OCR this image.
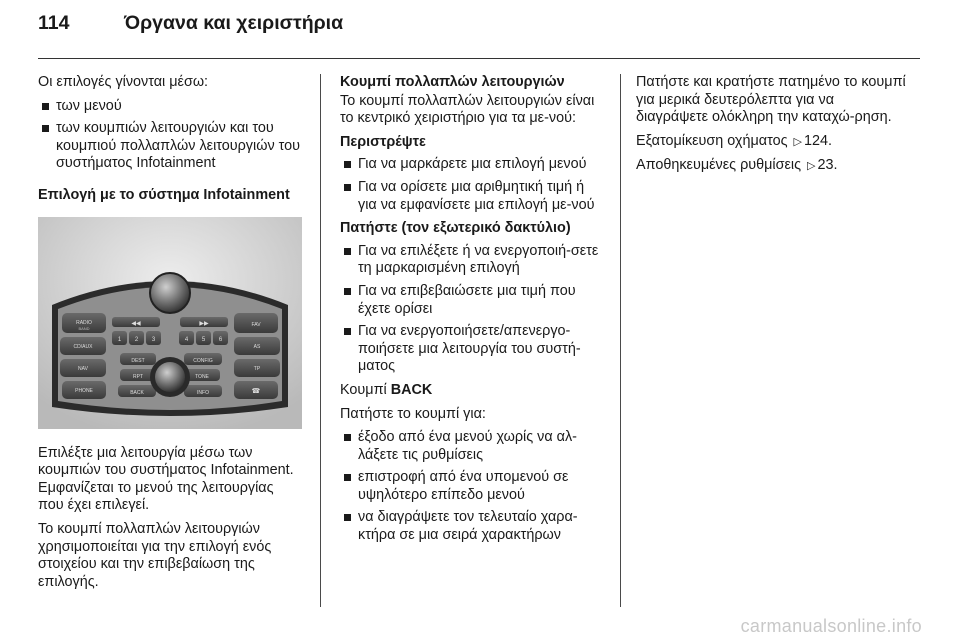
114	Όργανα και χειριστήρια

Οι επιλογές γίνονται μέσω:

των μενού
των κουμπιών λειτουργιών και του κουμπιού πολλαπλών λειτουργιών του συστήματος Infotainment

Επιλογή με το σύστημα Infotainment

RADIO
BAND
CD/AUX
NAV
PHONE
FAV
AS
TP
☎
◀◀	▶▶
1 2 3	4 5 6
DEST
RPT
BACK
CONFIG
TONE
INFO

Επιλέξτε μια λειτουργία μέσω των κουμπιών του συστήματος Infotainment. Εμφανίζεται το μενού της λειτουργίας που έχει επιλεγεί.

Το κουμπί πολλαπλών λειτουργιών χρησιμοποιείται για την επιλογή ενός στοιχείου και την επιβεβαίωση της επιλογής.

Κουμπί πολλαπλών λειτουργιών

Το κουμπί πολλαπλών λειτουργιών είναι το κεντρικό χειριστήριο για τα με-νού:

Περιστρέψτε

Για να μαρκάρετε μια επιλογή μενού
Για να ορίσετε μια αριθμητική τιμή ή για να εμφανίσετε μια επιλογή με-νού

Πατήστε (τον εξωτερικό δακτύλιο)

Για να επιλέξετε ή να ενεργοποιή-σετε τη μαρκαρισμένη επιλογή
Για να επιβεβαιώσετε μια τιμή που έχετε ορίσει
Για να ενεργοποιήσετε/απενεργο-ποιήσετε μια λειτουργία του συστή-ματος

Κουμπί BACK

Πατήστε το κουμπί για:

έξοδο από ένα μενού χωρίς να αλ-λάξετε τις ρυθμίσεις
επιστροφή από ένα υπομενού σε υψηλότερο επίπεδο μενού
να διαγράψετε τον τελευταίο χαρα-κτήρα σε μια σειρά χαρακτήρων

Πατήστε και κρατήστε πατημένο το κουμπί για μερικά δευτερόλεπτα για να διαγράψετε ολόκληρη την καταχώ-ρηση.

Εξατομίκευση οχήματος ▷ 124.

Αποθηκευμένες ρυθμίσεις ▷ 23.

carmanualsonline.info
